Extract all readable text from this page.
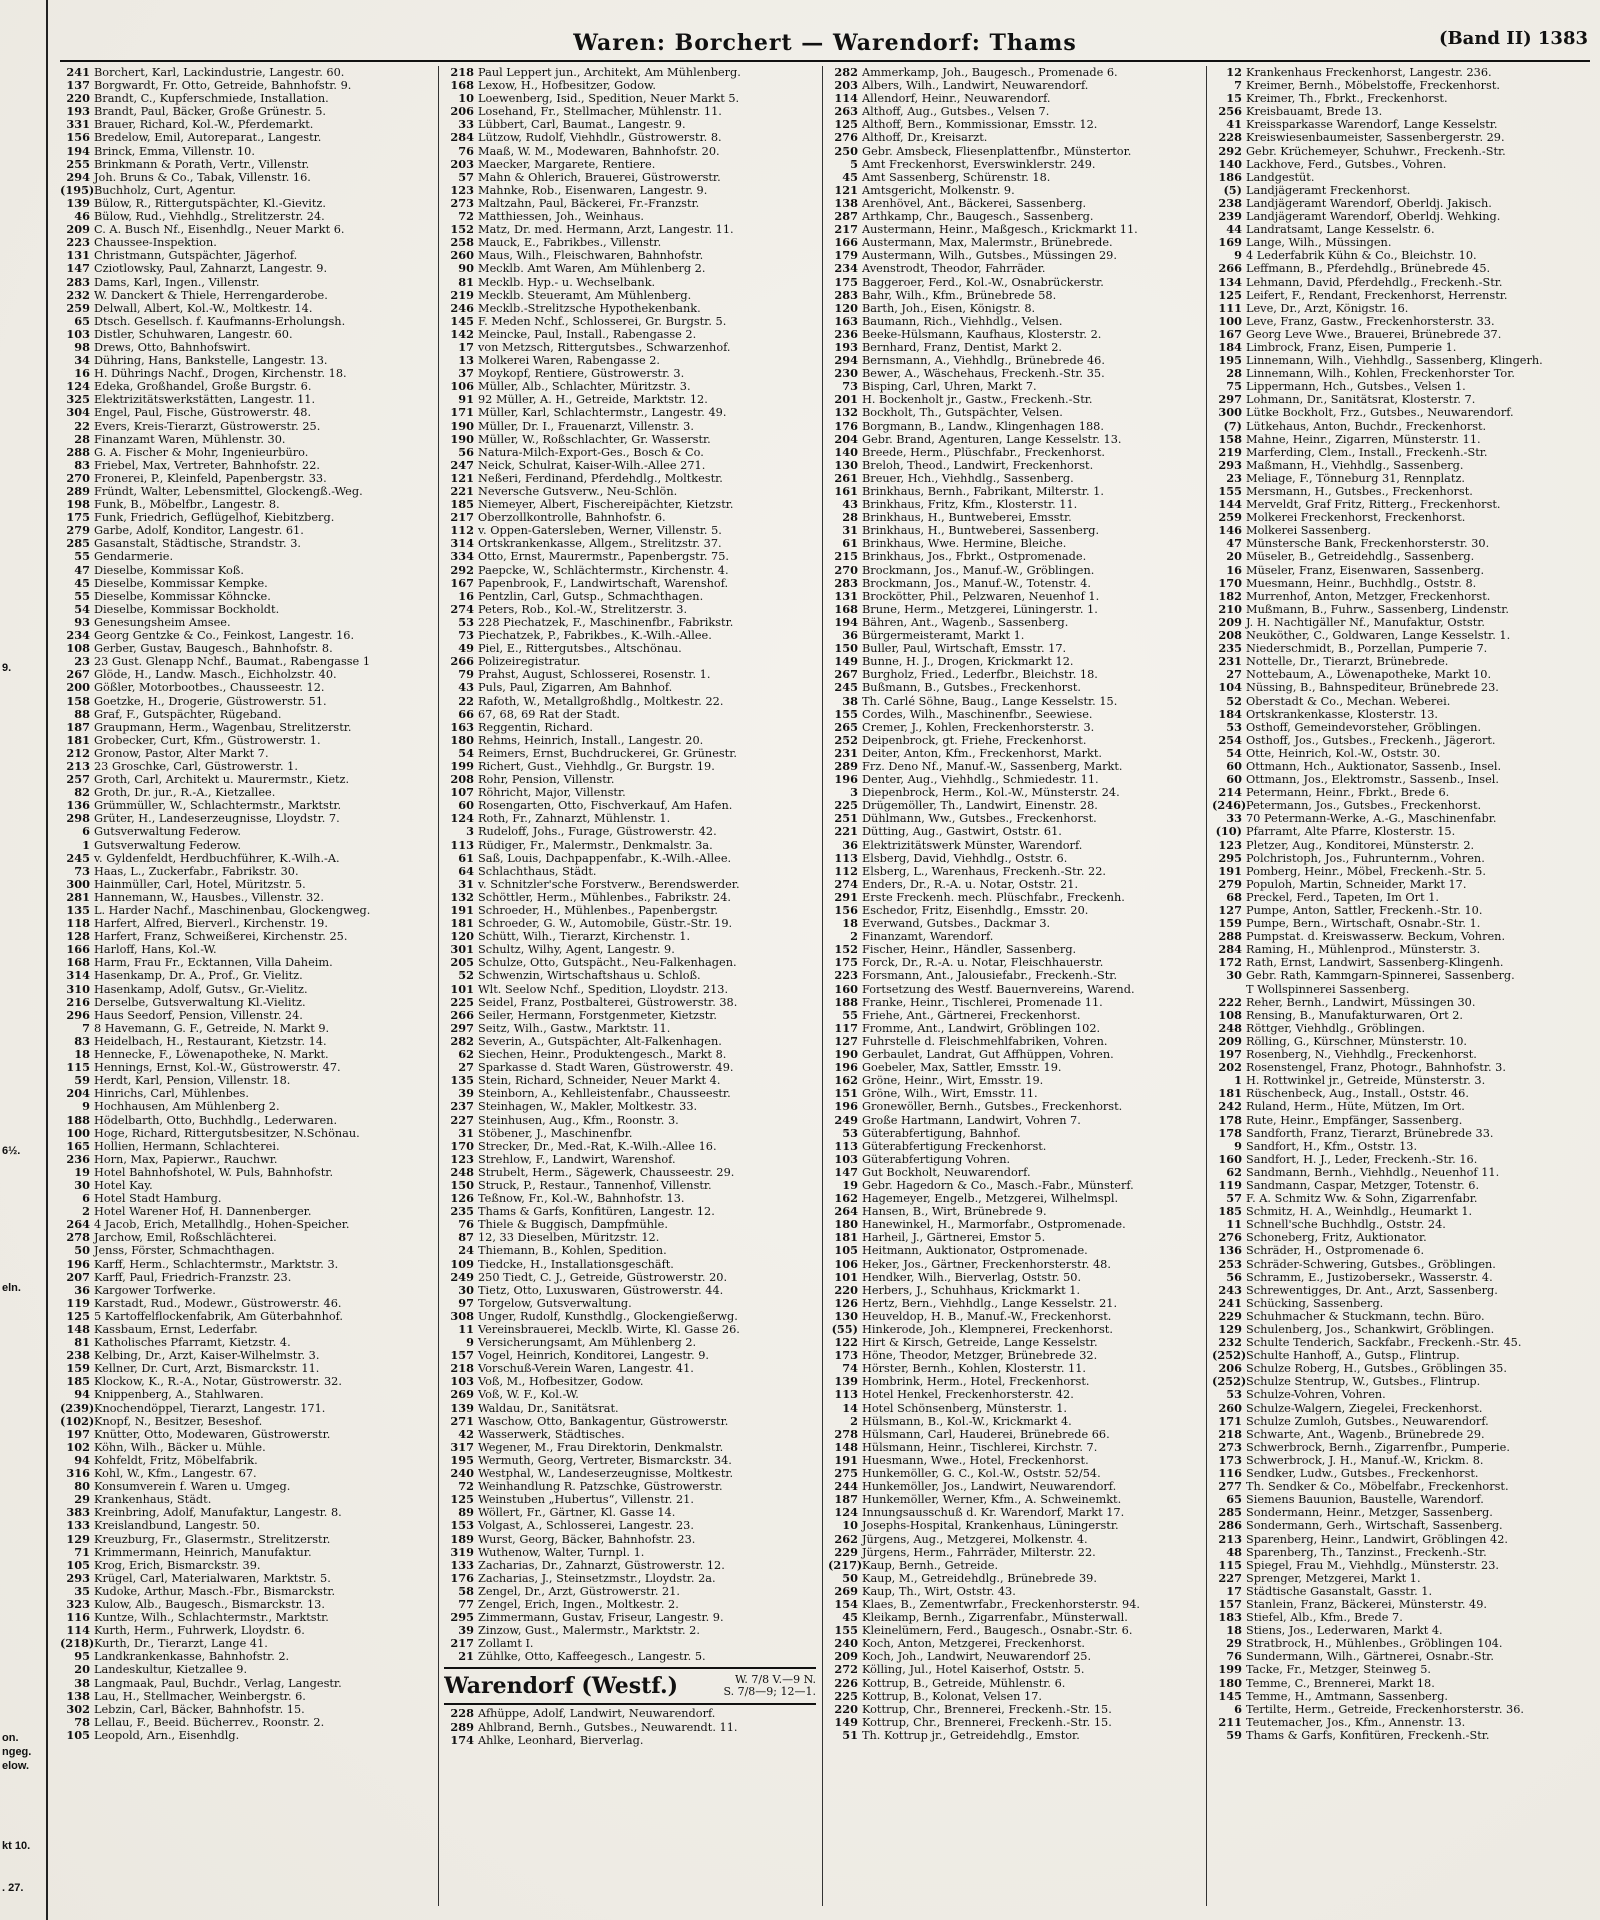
9.
6½.
eln.
on.
ngeg.
elow.
kt 10.
. 27.
Waren: Borchert — Warendorf: Thams	(Band II) 1383
241 Borchert, Karl, Lackindustrie, Langestr. 60.
137 Borgwardt, Fr. Otto, Getreide, Bahnhofstr. 9.
220 Brandt, C., Kupferschmiede, Installation.
193 Brandt, Paul, Bäcker, Große Grünestr. 5.
331 Brauer, Richard, Kol.-W., Pferdemarkt.
156 Bredelow, Emil, Autoreparat., Langestr.
194 Brinck, Emma, Villenstr. 10.
255 Brinkmann & Porath, Vertr., Villenstr.
294 Joh. Bruns & Co., Tabak, Villenstr. 16.
(195)Buchholz, Curt, Agentur.
139 Bülow, R., Rittergutspächter, Kl.-Gievitz.
46 Bülow, Rud., Viehhdlg., Strelitzerstr. 24.
209 C. A. Busch Nf., Eisenhdlg., Neuer Markt 6.
223 Chaussee-Inspektion.
131 Christmann, Gutspächter, Jägerhof.
147 Cziotlowsky, Paul, Zahnarzt, Langestr. 9.
283 Dams, Karl, Ingen., Villenstr.
232 W. Danckert & Thiele, Herrengarderobe.
259 Delwall, Albert, Kol.-W., Moltkestr. 14.
65 Dtsch. Gesellsch. f. Kaufmanns-Erholungsh.
103 Distler, Schuhwaren, Langestr. 60.
98 Drews, Otto, Bahnhofswirt.
34 Dühring, Hans, Bankstelle, Langestr. 13.
16 H. Dührings Nachf., Drogen, Kirchenstr. 18.
124 Edeka, Großhandel, Große Burgstr. 6.
325 Elektrizitätswerkstätten, Langestr. 11.
304 Engel, Paul, Fische, Güstrowerstr. 48.
22 Evers, Kreis-Tierarzt, Güstrowerstr. 25.
28 Finanzamt Waren, Mühlenstr. 30.
288 G. A. Fischer & Mohr, Ingenieurbüro.
83 Friebel, Max, Vertreter, Bahnhofstr. 22.
270 Fronerei, P., Kleinfeld, Papenbergstr. 33.
289 Fründt, Walter, Lebensmittel, Glockengß.-Weg.
198 Funk, B., Möbelfbr., Langestr. 8.
175 Funk, Friedrich, Geflügelhof, Kiebitzberg.
279 Garbe, Adolf, Konditor, Langestr. 61.
285 Gasanstalt, Städtische, Strandstr. 3.
55 Gendarmerie.
47 Dieselbe, Kommissar Koß.
45 Dieselbe, Kommissar Kempke.
55 Dieselbe, Kommissar Köhncke.
54 Dieselbe, Kommissar Bockholdt.
93 Genesungsheim Amsee.
234 Georg Gentzke & Co., Feinkost, Langestr. 16.
108 Gerber, Gustav, Baugesch., Bahnhofstr. 8.
23 23 Gust. Glenapp Nchf., Baumat., Rabengasse 1
267 Glöde, H., Landw. Masch., Eichholzstr. 40.
200 Gößler, Motorbootbes., Chausseestr. 12.
158 Goetzke, H., Drogerie, Güstrowerstr. 51.
88 Graf, F., Gutspächter, Rügeband.
187 Graupmann, Herm., Wagenbau, Strelitzerstr.
181 Grobecker, Curt, Kfm., Güstrowerstr. 1.
212 Gronow, Pastor, Alter Markt 7.
213 23 Groschke, Carl, Güstrowerstr. 1.
257 Groth, Carl, Architekt u. Maurermstr., Kietz.
82 Groth, Dr. jur., R.-A., Kietzallee.
136 Grümmüller, W., Schlachtermstr., Marktstr.
298 Grüter, H., Landeserzeugnisse, Lloydstr. 7.
6 Gutsverwaltung Federow.
1 Gutsverwaltung Federow.
245 v. Gyldenfeldt, Herdbuchführer, K.-Wilh.-A.
73 Haas, L., Zuckerfabr., Fabrikstr. 30.
300 Hainmüller, Carl, Hotel, Müritzstr. 5.
281 Hannemann, W., Hausbes., Villenstr. 32.
135 L. Harder Nachf., Maschinenbau, Glockengweg.
118 Harfert, Alfred, Bierverl., Kirchenstr. 19.
128 Harfert, Franz, Schweißerei, Kirchenstr. 25.
166 Harloff, Hans, Kol.-W.
168 Harm, Frau Fr., Ecktannen, Villa Daheim.
314 Hasenkamp, Dr. A., Prof., Gr. Vielitz.
310 Hasenkamp, Adolf, Gutsv., Gr.-Vielitz.
216 Derselbe, Gutsverwaltung Kl.-Vielitz.
296 Haus Seedorf, Pension, Villenstr. 24.
7 8 Havemann, G. F., Getreide, N. Markt 9.
83 Heidelbach, H., Restaurant, Kietzstr. 14.
18 Hennecke, F., Löwenapotheke, N. Markt.
115 Hennings, Ernst, Kol.-W., Güstrowerstr. 47.
59 Herdt, Karl, Pension, Villenstr. 18.
204 Hinrichs, Carl, Mühlenbes.
9 Hochhausen, Am Mühlenberg 2.
188 Hödelbarth, Otto, Buchhdlg., Lederwaren.
100 Hoge, Richard, Rittergutsbesitzer, N.Schönau.
165 Hollien, Hermann, Schlachterei.
236 Horn, Max, Papierwr., Rauchwr.
19 Hotel Bahnhofshotel, W. Puls, Bahnhofstr.
30 Hotel Kay.
6 Hotel Stadt Hamburg.
2 Hotel Warener Hof, H. Dannenberger.
264 4 Jacob, Erich, Metallhdlg., Hohen-Speicher.
278 Jarchow, Emil, Roßschlächterei.
50 Jenss, Förster, Schmachthagen.
196 Karff, Herm., Schlachtermstr., Marktstr. 3.
207 Karff, Paul, Friedrich-Franzstr. 23.
36 Kargower Torfwerke.
119 Karstadt, Rud., Modewr., Güstrowerstr. 46.
125 5 Kartoffelflockenfabrik, Am Güterbahnhof.
148 Kassbaum, Ernst, Lederfabr.
81 Katholisches Pfarramt, Kietzstr. 4.
238 Kelbing, Dr., Arzt, Kaiser-Wilhelmstr. 3.
159 Kellner, Dr. Curt, Arzt, Bismarckstr. 11.
185 Klockow, K., R.-A., Notar, Güstrowerstr. 32.
94 Knippenberg, A., Stahlwaren.
(239)Knochendöppel, Tierarzt, Langestr. 171.
(102)Knopf, N., Besitzer, Beseshof.
197 Knütter, Otto, Modewaren, Güstrowerstr.
102 Köhn, Wilh., Bäcker u. Mühle.
94 Kohfeldt, Fritz, Möbelfabrik.
316 Kohl, W., Kfm., Langestr. 67.
80 Konsumverein f. Waren u. Umgeg.
29 Krankenhaus, Städt.
383 Kreinbring, Adolf, Manufaktur, Langestr. 8.
133 Kreislandbund, Langestr. 50.
129 Kreuzburg, Fr., Glasermstr., Strelitzerstr.
71 Krimmermann, Heinrich, Manufaktur.
105 Krog, Erich, Bismarckstr. 39.
293 Krügel, Carl, Materialwaren, Marktstr. 5.
35 Kudoke, Arthur, Masch.-Fbr., Bismarckstr.
323 Kulow, Alb., Baugesch., Bismarckstr. 13.
116 Kuntze, Wilh., Schlachtermstr., Marktstr.
114 Kurth, Herm., Fuhrwerk, Lloydstr. 6.
(218)Kurth, Dr., Tierarzt, Lange 41.
95 Landkrankenkasse, Bahnhofstr. 2.
20 Landeskultur, Kietzallee 9.
38 Langmaak, Paul, Buchdr., Verlag, Langestr.
138 Lau, H., Stellmacher, Weinbergstr. 6.
302 Lebzin, Carl, Bäcker, Bahnhofstr. 15.
78 Lellau, F., Beeid. Bücherrev., Roonstr. 2.
105 Leopold, Arn., Eisenhdlg.
218 Paul Leppert jun., Architekt, Am Mühlenberg.
168 Lexow, H., Hofbesitzer, Godow.
10 Loewenberg, Isid., Spedition, Neuer Markt 5.
206 Losehand, Fr., Stellmacher, Mühlenstr. 11.
33 Lübbert, Carl, Baumat., Langestr. 9.
284 Lützow, Rudolf, Viehhdlr., Güstrowerstr. 8.
76 Maaß, W. M., Modewaren, Bahnhofstr. 20.
203 Maecker, Margarete, Rentiere.
57 Mahn & Ohlerich, Brauerei, Güstrowerstr.
123 Mahnke, Rob., Eisenwaren, Langestr. 9.
273 Maltzahn, Paul, Bäckerei, Fr.-Franzstr.
72 Matthiessen, Joh., Weinhaus.
152 Matz, Dr. med. Hermann, Arzt, Langestr. 11.
258 Mauck, E., Fabrikbes., Villenstr.
260 Maus, Wilh., Fleischwaren, Bahnhofstr.
90 Mecklb. Amt Waren, Am Mühlenberg 2.
81 Mecklb. Hyp.- u. Wechselbank.
219 Mecklb. Steueramt, Am Mühlenberg.
246 Mecklb.-Strelitzsche Hypothekenbank.
145 F. Meden Nchf., Schlosserei, Gr. Burgstr. 5.
142 Meincke, Paul, Install., Rabengasse 2.
17 von Metzsch, Rittergutsbes., Schwarzenhof.
13 Molkerei Waren, Rabengasse 2.
37 Moykopf, Rentiere, Güstrowerstr. 3.
106 Müller, Alb., Schlachter, Müritzstr. 3.
91 92 Müller, A. H., Getreide, Marktstr. 12.
171 Müller, Karl, Schlachtermstr., Langestr. 49.
190 Müller, Dr. I., Frauenarzt, Villenstr. 3.
190 Müller, W., Roßschlachter, Gr. Wasserstr.
56 Natura-Milch-Export-Ges., Bosch & Co.
247 Neick, Schulrat, Kaiser-Wilh.-Allee 271.
121 Neßeri, Ferdinand, Pferdehdlg., Moltkestr.
221 Neversche Gutsverw., Neu-Schlön.
185 Niemeyer, Albert, Fischereipächter, Kietzstr.
217 Oberzollkontrolle, Bahnhofstr. 6.
112 v. Oppen-Gatersleben, Werner, Villenstr. 5.
314 Ortskrankenkasse, Allgem., Strelitzstr. 37.
334 Otto, Ernst, Maurermstr., Papenbergstr. 75.
292 Paepcke, W., Schlächtermstr., Kirchenstr. 4.
167 Papenbrook, F., Landwirtschaft, Warenshof.
16 Pentzlin, Carl, Gutsp., Schmachthagen.
274 Peters, Rob., Kol.-W., Strelitzerstr. 3.
53 228 Piechatzek, F., Maschinenfbr., Fabrikstr.
73 Piechatzek, P., Fabrikbes., K.-Wilh.-Allee.
49 Piel, E., Rittergutsbes., Altschönau.
266 Polizeiregistratur.
79 Prahst, August, Schlosserei, Rosenstr. 1.
43 Puls, Paul, Zigarren, Am Bahnhof.
22 Rafoth, W., Metallgroßhdlg., Moltkestr. 22.
66 67, 68, 69 Rat der Stadt.
163 Reggentin, Richard.
180 Rehms, Heinrich, Install., Langestr. 20.
54 Reimers, Ernst, Buchdruckerei, Gr. Grünestr.
199 Richert, Gust., Viehhdlg., Gr. Burgstr. 19.
208 Rohr, Pension, Villenstr.
107 Röhricht, Major, Villenstr.
60 Rosengarten, Otto, Fischverkauf, Am Hafen.
124 Roth, Fr., Zahnarzt, Mühlenstr. 1.
3 Rudeloff, Johs., Furage, Güstrowerstr. 42.
113 Rüdiger, Fr., Malermstr., Denkmalstr. 3a.
61 Saß, Louis, Dachpappenfabr., K.-Wilh.-Allee.
64 Schlachthaus, Städt.
31 v. Schnitzler'sche Forstverw., Berendswerder.
132 Schöttler, Herm., Mühlenbes., Fabrikstr. 24.
191 Schroeder, H., Mühlenbes., Papenbergstr.
181 Schroeder, G. W., Automobile, Güstr.-Str. 19.
120 Schütt, Wilh., Tierarzt, Kirchenstr. 1.
301 Schultz, Wilhy, Agent, Langestr. 9.
205 Schulze, Otto, Gutspächt., Neu-Falkenhagen.
52 Schwenzin, Wirtschaftshaus u. Schloß.
101 Wlt. Seelow Nchf., Spedition, Lloydstr. 213.
225 Seidel, Franz, Postbalterei, Güstrowerstr. 38.
266 Seiler, Hermann, Forstgenmeter, Kietzstr.
297 Seitz, Wilh., Gastw., Marktstr. 11.
282 Severin, A., Gutspächter, Alt-Falkenhagen.
62 Siechen, Heinr., Produktengesch., Markt 8.
27 Sparkasse d. Stadt Waren, Güstrowerstr. 49.
135 Stein, Richard, Schneider, Neuer Markt 4.
39 Steinborn, A., Kehlleistenfabr., Chausseestr.
237 Steinhagen, W., Makler, Moltkestr. 33.
227 Steinhusen, Aug., Kfm., Roonstr. 3.
31 Stöbener, J., Maschinenfbr.
170 Strecker, Dr., Med.-Rat, K.-Wilh.-Allee 16.
123 Strehlow, F., Landwirt, Warenshof.
248 Strubelt, Herm., Sägewerk, Chausseestr. 29.
150 Struck, P., Restaur., Tannenhof, Villenstr.
126 Teßnow, Fr., Kol.-W., Bahnhofstr. 13.
235 Thams & Garfs, Konfitüren, Langestr. 12.
76 Thiele & Buggisch, Dampfmühle.
87 12, 33 Dieselben, Müritzstr. 12.
24 Thiemann, B., Kohlen, Spedition.
109 Tiedcke, H., Installationsgeschäft.
249 250 Tiedt, C. J., Getreide, Güstrowerstr. 20.
30 Tietz, Otto, Luxuswaren, Güstrowerstr. 44.
97 Torgelow, Gutsverwaltung.
308 Unger, Rudolf, Kunsthdlg., Glockengießerwg.
11 Vereinsbrauerei, Mecklb. Wirte, Kl. Gasse 26.
9 Versicherungsamt, Am Mühlenberg 2.
157 Vogel, Heinrich, Konditorei, Langestr. 9.
218 Vorschuß-Verein Waren, Langestr. 41.
103 Voß, M., Hofbesitzer, Godow.
269 Voß, W. F., Kol.-W.
139 Waldau, Dr., Sanitätsrat.
271 Waschow, Otto, Bankagentur, Güstrowerstr.
42 Wasserwerk, Städtisches.
317 Wegener, M., Frau Direktorin, Denkmalstr.
195 Wermuth, Georg, Vertreter, Bismarckstr. 34.
240 Westphal, W., Landeserzeugnisse, Moltkestr.
72 Weinhandlung R. Patzschke, Güstrowerstr.
125 Weinstuben „Hubertus“, Villenstr. 21.
89 Wöllert, Fr., Gärtner, Kl. Gasse 14.
153 Volgast, A., Schlosserei, Langestr. 23.
189 Wurst, Georg, Bäcker, Bahnhofstr. 23.
319 Wuthenow, Walter, Turnpl. 1.
133 Zacharias, Dr., Zahnarzt, Güstrowerstr. 12.
176 Zacharias, J., Steinsetzmstr., Lloydstr. 2a.
58 Zengel, Dr., Arzt, Güstrowerstr. 21.
77 Zengel, Erich, Ingen., Moltkestr. 2.
295 Zimmermann, Gustav, Friseur, Langestr. 9.
39 Zinzow, Gust., Malermstr., Marktstr. 2.
217 Zollamt I.
21 Zühlke, Otto, Kaffeegesch., Langestr. 5.
Warendorf (Westf.)	W. 7/8 V.—9 N.
S. 7/8—9; 12—1.
228 Afhüppe, Adolf, Landwirt, Neuwarendorf.
289 Ahlbrand, Bernh., Gutsbes., Neuwarendt. 11.
174 Ahlke, Leonhard, Bierverlag.
282 Ammerkamp, Joh., Baugesch., Promenade 6.
203 Albers, Wilh., Landwirt, Neuwarendorf.
114 Allendorf, Heinr., Neuwarendorf.
263 Althoff, Aug., Gutsbes., Velsen 7.
125 Althoff, Bern., Kommissionar, Emsstr. 12.
276 Althoff, Dr., Kreisarzt.
250 Gebr. Amsbeck, Fliesenplattenfbr., Münstertor.
5 Amt Freckenhorst, Everswinklerstr. 249.
45 Amt Sassenberg, Schürenstr. 18.
121 Amtsgericht, Molkenstr. 9.
138 Arenhövel, Ant., Bäckerei, Sassenberg.
287 Arthkamp, Chr., Baugesch., Sassenberg.
217 Austermann, Heinr., Maßgesch., Krickmarkt 11.
166 Austermann, Max, Malermstr., Brünebrede.
179 Austermann, Wilh., Gutsbes., Müssingen 29.
234 Avenstrodt, Theodor, Fahrräder.
175 Baggeroer, Ferd., Kol.-W., Osnabrückerstr.
283 Bahr, Wilh., Kfm., Brünebrede 58.
120 Barth, Joh., Eisen, Königstr. 8.
163 Baumann, Rich., Viehhdlg., Velsen.
236 Beeke-Hülsmann, Kaufhaus, Klosterstr. 2.
193 Bernhard, Franz, Dentist, Markt 2.
294 Bernsmann, A., Viehhdlg., Brünebrede 46.
230 Bewer, A., Wäschehaus, Freckenh.-Str. 35.
73 Bisping, Carl, Uhren, Markt 7.
201 H. Bockenholt jr., Gastw., Freckenh.-Str.
132 Bockholt, Th., Gutspächter, Velsen.
176 Borgmann, B., Landw., Klingenhagen 188.
204 Gebr. Brand, Agenturen, Lange Kesselstr. 13.
140 Breede, Herm., Plüschfabr., Freckenhorst.
130 Breloh, Theod., Landwirt, Freckenhorst.
261 Breuer, Hch., Viehhdlg., Sassenberg.
161 Brinkhaus, Bernh., Fabrikant, Milterstr. 1.
43 Brinkhaus, Fritz, Kfm., Klosterstr. 11.
28 Brinkhaus, H., Buntweberei, Emsstr.
31 Brinkhaus, H., Buntweberei, Sassenberg.
61 Brinkhaus, Wwe. Hermine, Bleiche.
215 Brinkhaus, Jos., Fbrkt., Ostpromenade.
270 Brockmann, Jos., Manuf.-W., Gröblingen.
283 Brockmann, Jos., Manuf.-W., Totenstr. 4.
131 Brockötter, Phil., Pelzwaren, Neuenhof 1.
168 Brune, Herm., Metzgerei, Lüningerstr. 1.
194 Bähren, Ant., Wagenb., Sassenberg.
36 Bürgermeisteramt, Markt 1.
150 Buller, Paul, Wirtschaft, Emsstr. 17.
149 Bunne, H. J., Drogen, Krickmarkt 12.
267 Burgholz, Fried., Lederfbr., Bleichstr. 18.
245 Bußmann, B., Gutsbes., Freckenhorst.
38 Th. Carlé Söhne, Baug., Lange Kesselstr. 15.
155 Cordes, Wilh., Maschinenfbr., Seewiese.
265 Cremer, J., Kohlen, Freckenhorsterstr. 3.
252 Deipenbrock, gt. Friehe, Freckenhorst.
231 Deiter, Anton, Kfm., Freckenhorst, Markt.
289 Frz. Deno Nf., Manuf.-W., Sassenberg, Markt.
196 Denter, Aug., Viehhdlg., Schmiedestr. 11.
3 Diepenbrock, Herm., Kol.-W., Münsterstr. 24.
225 Drügemöller, Th., Landwirt, Einenstr. 28.
251 Dühlmann, Ww., Gutsbes., Freckenhorst.
221 Dütting, Aug., Gastwirt, Oststr. 61.
36 Elektrizitätswerk Münster, Warendorf.
113 Elsberg, David, Viehhdlg., Oststr. 6.
112 Elsberg, L., Warenhaus, Freckenh.-Str. 22.
274 Enders, Dr., R.-A. u. Notar, Oststr. 21.
291 Erste Freckenh. mech. Plüschfabr., Freckenh.
156 Eschedor, Fritz, Eisenhdlg., Emsstr. 20.
18 Everwand, Gutsbes., Dackmar 3.
2 Finanzamt, Warendorf.
152 Fischer, Heinr., Händler, Sassenberg.
175 Forck, Dr., R.-A. u. Notar, Fleischhauerstr.
223 Forsmann, Ant., Jalousiefabr., Freckenh.-Str.
160 Fortsetzung des Westf. Bauernvereins, Warend.
188 Franke, Heinr., Tischlerei, Promenade 11.
55 Friehe, Ant., Gärtnerei, Freckenhorst.
117 Fromme, Ant., Landwirt, Gröblingen 102.
127 Fuhrstelle d. Fleischmehlfabriken, Vohren.
190 Gerbaulet, Landrat, Gut Affhüppen, Vohren.
196 Goebeler, Max, Sattler, Emsstr. 19.
162 Gröne, Heinr., Wirt, Emsstr. 19.
151 Gröne, Wilh., Wirt, Emsstr. 11.
196 Gronewöller, Bernh., Gutsbes., Freckenhorst.
249 Große Hartmann, Landwirt, Vohren 7.
53 Güterabfertigung, Bahnhof.
113 Güterabfertigung Freckenhorst.
103 Güterabfertigung Vohren.
147 Gut Bockholt, Neuwarendorf.
19 Gebr. Hagedorn & Co., Masch.-Fabr., Münsterf.
162 Hagemeyer, Engelb., Metzgerei, Wilhelmspl.
264 Hansen, B., Wirt, Brünebrede 9.
180 Hanewinkel, H., Marmorfabr., Ostpromenade.
181 Harheil, J., Gärtnerei, Emstor 5.
105 Heitmann, Auktionator, Ostpromenade.
106 Heker, Jos., Gärtner, Freckenhorsterstr. 48.
101 Hendker, Wilh., Bierverlag, Oststr. 50.
220 Herbers, J., Schuhhaus, Krickmarkt 1.
126 Hertz, Bern., Viehhdlg., Lange Kesselstr. 21.
130 Heuveldop, H. B., Manuf.-W., Freckenhorst.
(55) Hinkerode, Joh., Klempnerei, Freckenhorst.
122 Hirt & Kirsch, Getreide, Lange Kesselstr.
173 Höne, Theodor, Metzger, Brünebrede 32.
74 Hörster, Bernh., Kohlen, Klosterstr. 11.
139 Hombrink, Herm., Hotel, Freckenhorst.
113 Hotel Henkel, Freckenhorsterstr. 42.
14 Hotel Schönsenberg, Münsterstr. 1.
2 Hülsmann, B., Kol.-W., Krickmarkt 4.
278 Hülsmann, Carl, Hauderei, Brünebrede 66.
148 Hülsmann, Heinr., Tischlerei, Kirchstr. 7.
191 Huesmann, Wwe., Hotel, Freckenhorst.
275 Hunkemöller, G. C., Kol.-W., Oststr. 52/54.
244 Hunkemöller, Jos., Landwirt, Neuwarendorf.
187 Hunkemöller, Werner, Kfm., A. Schweinemkt.
124 Innungsausschuß d. Kr. Warendorf, Markt 17.
10 Josephs-Hospital, Krankenhaus, Lüningerstr.
262 Jürgens, Aug., Metzgerei, Molkenstr. 4.
229 Jürgens, Herm., Fahrräder, Milterstr. 22.
(217)Kaup, Bernh., Getreide.
50 Kaup, M., Getreidehdlg., Brünebrede 39.
269 Kaup, Th., Wirt, Oststr. 43.
154 Klaes, B., Zementwrfabr., Freckenhorsterstr. 94.
45 Kleikamp, Bernh., Zigarrenfabr., Münsterwall.
155 Kleinelümern, Ferd., Baugesch., Osnabr.-Str. 6.
240 Koch, Anton, Metzgerei, Freckenhorst.
209 Koch, Joh., Landwirt, Neuwarendorf 25.
272 Kölling, Jul., Hotel Kaiserhof, Oststr. 5.
226 Kottrup, B., Getreide, Mühlenstr. 6.
225 Kottrup, B., Kolonat, Velsen 17.
220 Kottrup, Chr., Brennerei, Freckenh.-Str. 15.
149 Kottrup, Chr., Brennerei, Freckenh.-Str. 15.
51 Th. Kottrup jr., Getreidehdlg., Emstor.
12 Krankenhaus Freckenhorst, Langestr. 236.
7 Kreimer, Bernh., Möbelstoffe, Freckenhorst.
15 Kreimer, Th., Fbrkt., Freckenhorst.
256 Kreisbauamt, Brede 13.
41 Kreissparkasse Warendorf, Lange Kesselstr.
228 Kreiswiesenbaumeister, Sassenbergerstr. 29.
292 Gebr. Krüchemeyer, Schuhwr., Freckenh.-Str.
140 Lackhove, Ferd., Gutsbes., Vohren.
186 Landgestüt.
(5) Landjägeramt Freckenhorst.
238 Landjägeramt Warendorf, Oberldj. Jakisch.
239 Landjägeramt Warendorf, Oberldj. Wehking.
44 Landratsamt, Lange Kesselstr. 6.
169 Lange, Wilh., Müssingen.
9 4 Lederfabrik Kühn & Co., Bleichstr. 10.
266 Leffmann, B., Pferdehdlg., Brünebrede 45.
134 Lehmann, David, Pferdehdlg., Freckenh.-Str.
125 Leifert, F., Rendant, Freckenhorst, Herrenstr.
111 Leve, Dr., Arzt, Königstr. 16.
100 Leve, Franz, Gastw., Freckenhorsterstr. 33.
167 Georg Leve Wwe., Brauerei, Brünebrede 37.
184 Limbrock, Franz, Eisen, Pumperie 1.
195 Linnemann, Wilh., Viehhdlg., Sassenberg, Klingerh.
28 Linnemann, Wilh., Kohlen, Freckenhorster Tor.
75 Lippermann, Hch., Gutsbes., Velsen 1.
297 Lohmann, Dr., Sanitätsrat, Klosterstr. 7.
300 Lütke Bockholt, Frz., Gutsbes., Neuwarendorf.
(7) Lütkehaus, Anton, Buchdr., Freckenhorst.
158 Mahne, Heinr., Zigarren, Münsterstr. 11.
219 Marferding, Clem., Install., Freckenh.-Str.
293 Maßmann, H., Viehhdlg., Sassenberg.
23 Meliage, F., Tönneburg 31, Rennplatz.
155 Mersmann, H., Gutsbes., Freckenhorst.
144 Merveldt, Graf Fritz, Ritterg., Freckenhorst.
259 Molkerei Freckenhorst, Freckenhorst.
146 Molkerei Sassenberg.
47 Münstersche Bank, Freckenhorsterstr. 30.
20 Müseler, B., Getreidehdlg., Sassenberg.
16 Müseler, Franz, Eisenwaren, Sassenberg.
170 Muesmann, Heinr., Buchhdlg., Oststr. 8.
182 Murrenhof, Anton, Metzger, Freckenhorst.
210 Mußmann, B., Fuhrw., Sassenberg, Lindenstr.
209 J. H. Nachtigäller Nf., Manufaktur, Oststr.
208 Neuköther, C., Goldwaren, Lange Kesselstr. 1.
235 Niederschmidt, B., Porzellan, Pumperie 7.
231 Nottelle, Dr., Tierarzt, Brünebrede.
27 Nottebaum, A., Löwenapotheke, Markt 10.
104 Nüssing, B., Bahnspediteur, Brünebrede 23.
52 Oberstadt & Co., Mechan. Weberei.
184 Ortskrankenkasse, Klosterstr. 13.
53 Osthoff, Gemeindevorsteher, Gröblingen.
254 Osthoff, Jos., Gutsbes., Freckenh., Jägerort.
54 Otte, Heinrich, Kol.-W., Oststr. 30.
60 Ottmann, Hch., Auktionator, Sassenb., Insel.
60 Ottmann, Jos., Elektromstr., Sassenb., Insel.
214 Petermann, Heinr., Fbrkt., Brede 6.
(246)Petermann, Jos., Gutsbes., Freckenhorst.
33 70 Petermann-Werke, A.-G., Maschinenfabr.
(10) Pfarramt, Alte Pfarre, Klosterstr. 15.
123 Pletzer, Aug., Konditorei, Münsterstr. 2.
295 Polchristoph, Jos., Fuhrunternm., Vohren.
191 Pomberg, Heinr., Möbel, Freckenh.-Str. 5.
279 Populoh, Martin, Schneider, Markt 17.
68 Preckel, Ferd., Tapeten, Im Ort 1.
127 Pumpe, Anton, Sattler, Freckenh.-Str. 10.
159 Pumpe, Bern., Wirtschaft, Osnabr.-Str. 1.
288 Pumpstat. d. Kreiswasserw. Beckum, Vohren.
284 Raming, H., Mühlenprod., Münsterstr. 3.
172 Rath, Ernst, Landwirt, Sassenberg-Klingenh.
30 Gebr. Rath, Kammgarn-Spinnerei, Sassenberg.
T Wollspinnerei Sassenberg.
222 Reher, Bernh., Landwirt, Müssingen 30.
108 Rensing, B., Manufakturwaren, Ort 2.
248 Röttger, Viehhdlg., Gröblingen.
209 Rölling, G., Kürschner, Münsterstr. 10.
197 Rosenberg, N., Viehhdlg., Freckenhorst.
202 Rosenstengel, Franz, Photogr., Bahnhofstr. 3.
1 H. Rottwinkel jr., Getreide, Münsterstr. 3.
181 Rüschenbeck, Aug., Install., Oststr. 46.
242 Ruland, Herm., Hüte, Mützen, Im Ort.
178 Rute, Heinr., Empfänger, Sassenberg.
178 Sandforth, Franz, Tierarzt, Brünebrede 33.
9 Sandfort, H., Kfm., Oststr. 13.
160 Sandfort, H. J., Leder, Freckenh.-Str. 16.
62 Sandmann, Bernh., Viehhdlg., Neuenhof 11.
119 Sandmann, Caspar, Metzger, Totenstr. 6.
57 F. A. Schmitz Ww. & Sohn, Zigarrenfabr.
185 Schmitz, H. A., Weinhdlg., Heumarkt 1.
11 Schnell'sche Buchhdlg., Oststr. 24.
276 Schoneberg, Fritz, Auktionator.
136 Schräder, H., Ostpromenade 6.
253 Schräder-Schwering, Gutsbes., Gröblingen.
56 Schramm, E., Justizobersekr., Wasserstr. 4.
243 Schrewentigges, Dr. Ant., Arzt, Sassenberg.
241 Schücking, Sassenberg.
229 Schuhmacher & Stuckmann, techn. Büro.
129 Schulenberg, Jos., Schankwirt, Gröblingen.
232 Schulte Tenderich, Sackfabr., Freckenh.-Str. 45.
(252)Schulte Hanhoff, A., Gutsp., Flintrup.
206 Schulze Roberg, H., Gutsbes., Gröblingen 35.
(252)Schulze Stentrup, W., Gutsbes., Flintrup.
53 Schulze-Vohren, Vohren.
260 Schulze-Walgern, Ziegelei, Freckenhorst.
171 Schulze Zumloh, Gutsbes., Neuwarendorf.
218 Schwarte, Ant., Wagenb., Brünebrede 29.
273 Schwerbrock, Bernh., Zigarrenfbr., Pumperie.
173 Schwerbrock, J. H., Manuf.-W., Krickm. 8.
116 Sendker, Ludw., Gutsbes., Freckenhorst.
277 Th. Sendker & Co., Möbelfabr., Freckenhorst.
65 Siemens Bauunion, Baustelle, Warendorf.
285 Sondermann, Heinr., Metzger, Sassenberg.
286 Sondermann, Gerh., Wirtschaft, Sassenberg.
213 Sparenberg, Heinr., Landwirt, Gröblingen 42.
48 Sparenberg, Th., Tanzinst., Freckenh.-Str.
115 Spiegel, Frau M., Viehhdlg., Münsterstr. 23.
227 Sprenger, Metzgerei, Markt 1.
17 Städtische Gasanstalt, Gasstr. 1.
157 Stanlein, Franz, Bäckerei, Münsterstr. 49.
183 Stiefel, Alb., Kfm., Brede 7.
18 Stiens, Jos., Lederwaren, Markt 4.
29 Stratbrock, H., Mühlenbes., Gröblingen 104.
76 Sundermann, Wilh., Gärtnerei, Osnabr.-Str.
199 Tacke, Fr., Metzger, Steinweg 5.
180 Temme, C., Brennerei, Markt 18.
145 Temme, H., Amtmann, Sassenberg.
6 Tertilte, Herm., Getreide, Freckenhorsterstr. 36.
211 Teutemacher, Jos., Kfm., Annenstr. 13.
59 Thams & Garfs, Konfitüren, Freckenh.-Str.
